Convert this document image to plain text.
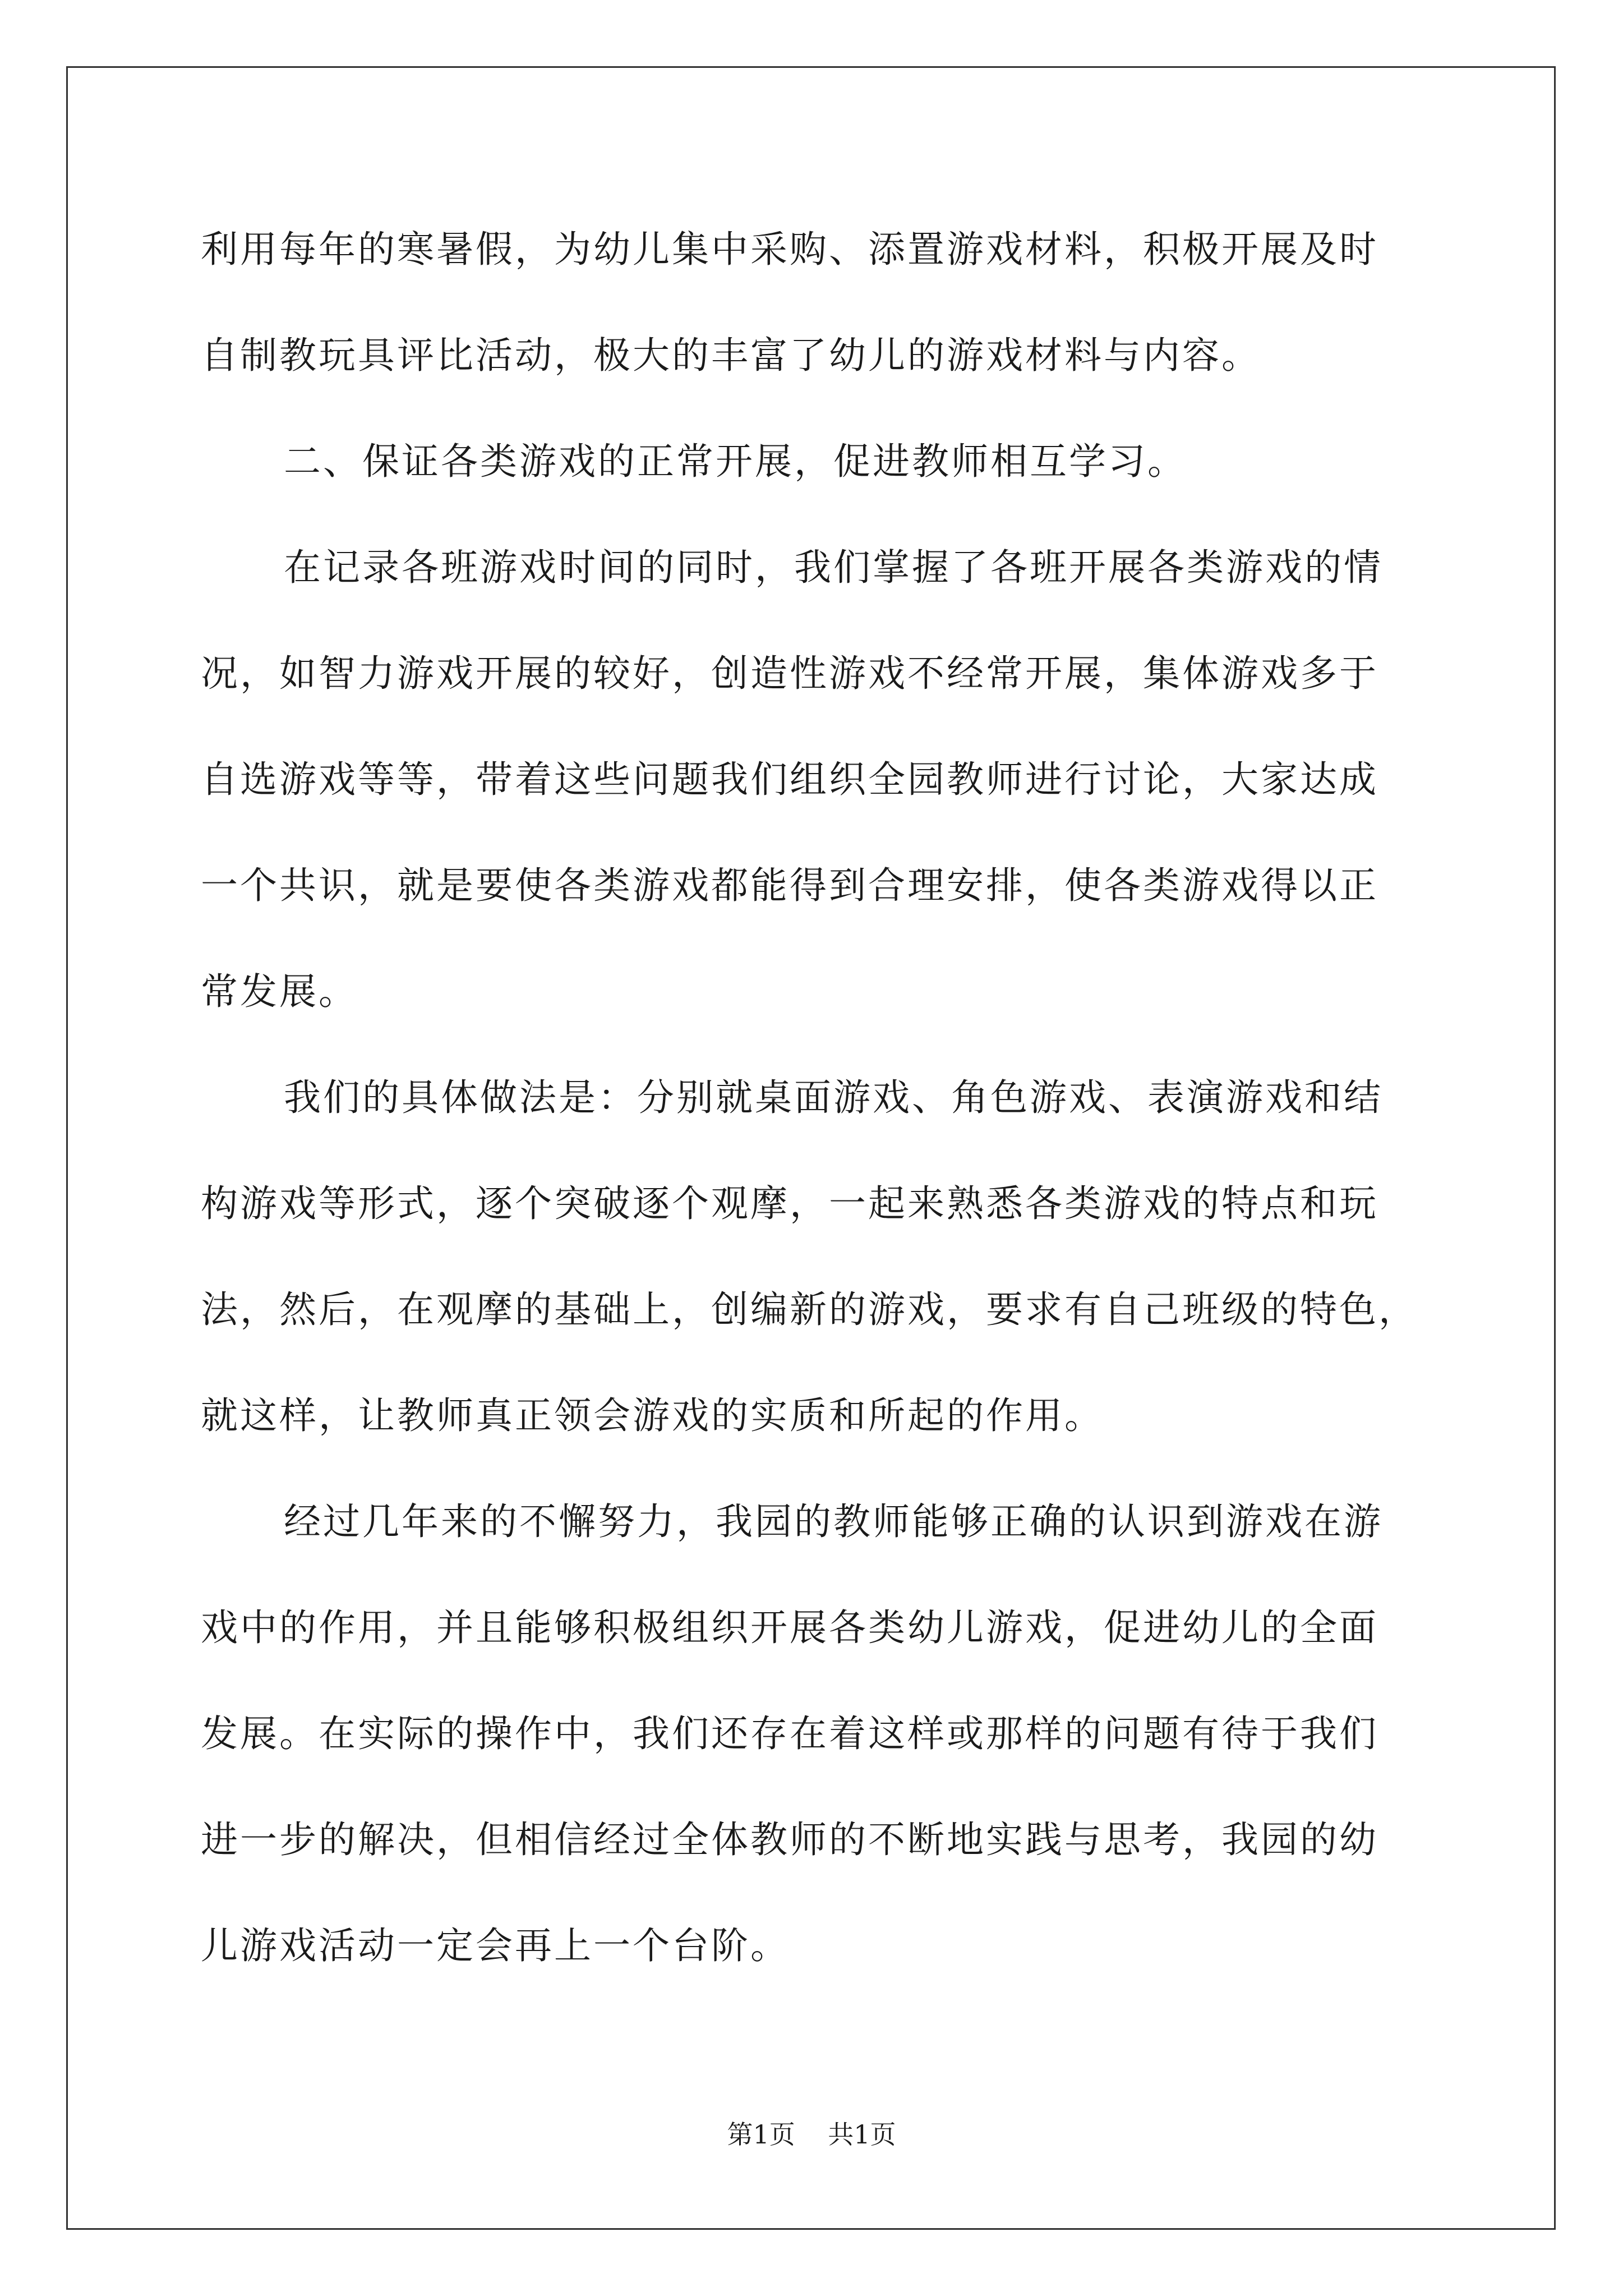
利用每年的寒暑假，为幼儿集中采购、添置游戏材料，积极开展及时
自制教玩具评比活动，极大的丰富了幼儿的游戏材料与内容。
二、保证各类游戏的正常开展，促进教师相互学习。
在记录各班游戏时间的同时，我们掌握了各班开展各类游戏的情
况，如智力游戏开展的较好，创造性游戏不经常开展，集体游戏多于
自选游戏等等，带着这些问题我们组织全园教师进行讨论，大家达成
一个共识，就是要使各类游戏都能得到合理安排，使各类游戏得以正
常发展。
我们的具体做法是：分别就桌面游戏、角色游戏、表演游戏和结
构游戏等形式，逐个突破逐个观摩，一起来熟悉各类游戏的特点和玩
法，然后，在观摩的基础上，创编新的游戏，要求有自己班级的特色，
就这样，让教师真正领会游戏的实质和所起的作用。
经过几年来的不懈努力，我园的教师能够正确的认识到游戏在游
戏中的作用，并且能够积极组织开展各类幼儿游戏，促进幼儿的全面
发展。在实际的操作中，我们还存在着这样或那样的问题有待于我们
进一步的解决，但相信经过全体教师的不断地实践与思考，我园的幼
儿游戏活动一定会再上一个台阶。
第1页    共1页
